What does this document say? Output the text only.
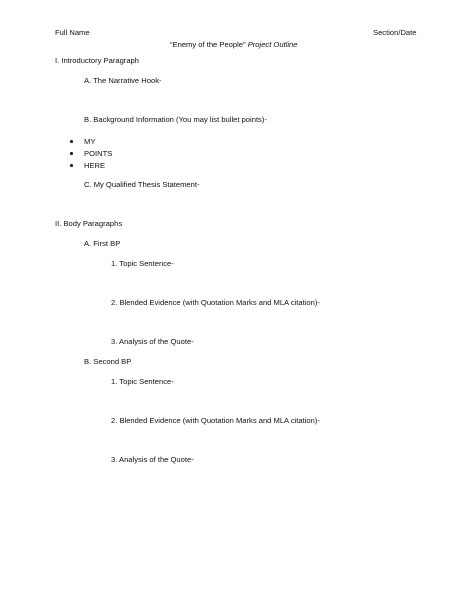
Full Name	Section/Date
“Enemy of the People” Project Outline
I. Introductory Paragraph
A. The Narrative Hook-
B. Background Information (You may list bullet points)-
MY
POINTS
HERE
C. My Qualified Thesis Statement-
II. Body Paragraphs
A. First BP
1. Topic Sentence-
2. Blended Evidence (with Quotation Marks and MLA citation)-
3. Analysis of the Quote-
B. Second BP
1. Topic Sentence-
2. Blended Evidence (with Quotation Marks and MLA citation)-
3. Analysis of the Quote-
